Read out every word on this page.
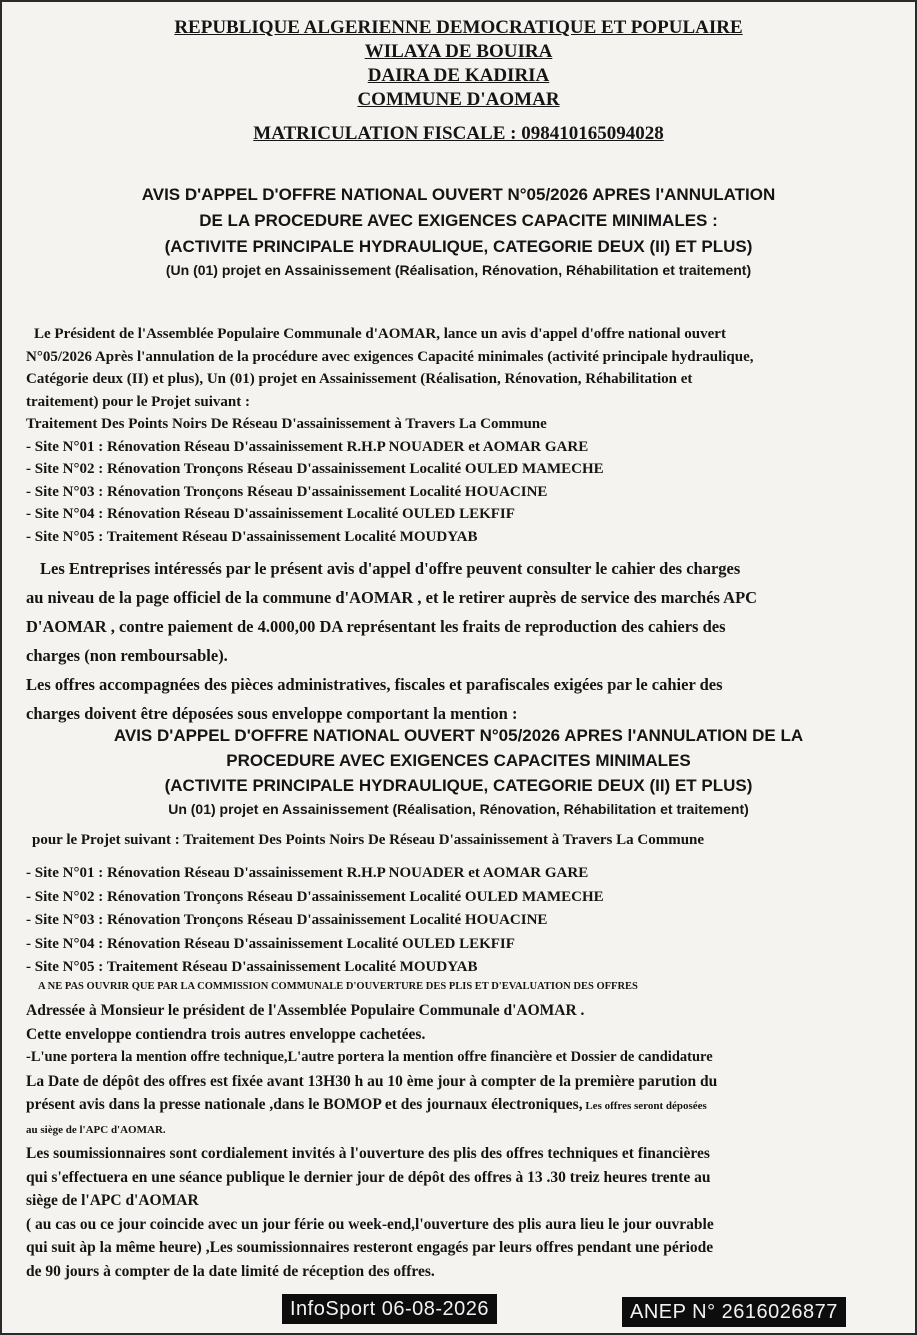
REPUBLIQUE ALGERIENNE DEMOCRATIQUE ET POPULAIRE
WILAYA DE BOUIRA
DAIRA DE KADIRIA
COMMUNE D'AOMAR
MATRICULATION FISCALE : 098410165094028
AVIS D'APPEL D'OFFRE NATIONAL OUVERT N°05/2026 APRES l'ANNULATION
DE LA PROCEDURE AVEC EXIGENCES CAPACITE MINIMALES :
(ACTIVITE PRINCIPALE HYDRAULIQUE, CATEGORIE DEUX (II) ET PLUS)
(Un (01) projet en Assainissement (Réalisation, Rénovation, Réhabilitation et traitement)
Le Président de l'Assemblée Populaire Communale d'AOMAR, lance un avis d'appel d'offre national ouvert
N°05/2026 Après l'annulation de la procédure avec exigences Capacité minimales (activité principale hydraulique,
Catégorie deux (II) et plus), Un (01) projet en Assainissement (Réalisation, Rénovation, Réhabilitation et
traitement) pour le Projet suivant :
Traitement Des Points Noirs De Réseau D'assainissement à Travers La Commune
- Site N°01 : Rénovation Réseau D'assainissement R.H.P NOUADER et AOMAR GARE
- Site N°02 : Rénovation Tronçons Réseau D'assainissement Localité OULED MAMECHE
- Site N°03 : Rénovation Tronçons Réseau D'assainissement Localité HOUACINE
- Site N°04 : Rénovation Réseau D'assainissement Localité OULED LEKFIF
- Site N°05 : Traitement Réseau D'assainissement Localité MOUDYAB
Les Entreprises intéressés par le présent avis d'appel d'offre peuvent consulter le cahier des charges
au niveau de la page officiel de la commune d'AOMAR , et le retirer auprès de service des marchés APC
D'AOMAR , contre paiement de 4.000,00 DA représentant les fraits de reproduction des cahiers des
charges (non remboursable).
Les offres accompagnées des pièces administratives, fiscales et parafiscales exigées par le cahier des
charges doivent être déposées sous enveloppe comportant la mention :
AVIS D'APPEL D'OFFRE NATIONAL OUVERT N°05/2026 APRES l'ANNULATION DE LA
PROCEDURE AVEC EXIGENCES CAPACITES MINIMALES
(ACTIVITE PRINCIPALE HYDRAULIQUE, CATEGORIE DEUX (II) ET PLUS)
Un (01) projet en Assainissement (Réalisation, Rénovation, Réhabilitation et traitement)
pour le Projet suivant : Traitement Des Points Noirs De Réseau D'assainissement à Travers La Commune
- Site N°01 : Rénovation Réseau D'assainissement R.H.P NOUADER et AOMAR GARE
- Site N°02 : Rénovation Tronçons Réseau D'assainissement Localité OULED MAMECHE
- Site N°03 : Rénovation Tronçons Réseau D'assainissement Localité HOUACINE
- Site N°04 : Rénovation Réseau D'assainissement Localité OULED LEKFIF
- Site N°05 : Traitement Réseau D'assainissement Localité MOUDYAB
A NE PAS OUVRIR QUE PAR LA COMMISSION COMMUNALE D'OUVERTURE DES PLIS ET D'EVALUATION DES OFFRES
Adressée à Monsieur le président de l'Assemblée Populaire Communale d'AOMAR .
Cette enveloppe contiendra trois autres enveloppe cachetées.
-L'une portera la mention offre technique,L'autre portera la mention offre financière et Dossier de candidature
La Date de dépôt des offres est fixée avant 13H30 h au 10 ème jour à compter de la première parution du
présent avis dans la presse nationale ,dans le BOMOP et des journaux électroniques, Les offres seront déposées
au siège de l'APC d'AOMAR.
Les soumissionnaires sont cordialement invités à l'ouverture des plis des offres techniques et financières
qui s'effectuera en une séance publique le dernier jour de dépôt des offres à 13 .30 treiz heures trente au
siège de l'APC d'AOMAR
( au cas ou ce jour coincide avec un jour férie ou week-end,l'ouverture des plis aura lieu le jour ouvrable
qui suit àp la même heure) ,Les soumissionnaires resteront engagés par leurs offres pendant une période
de 90 jours à compter de la date limité de réception des offres.
InfoSport 06-08-2026	ANEP N° 2616026877
